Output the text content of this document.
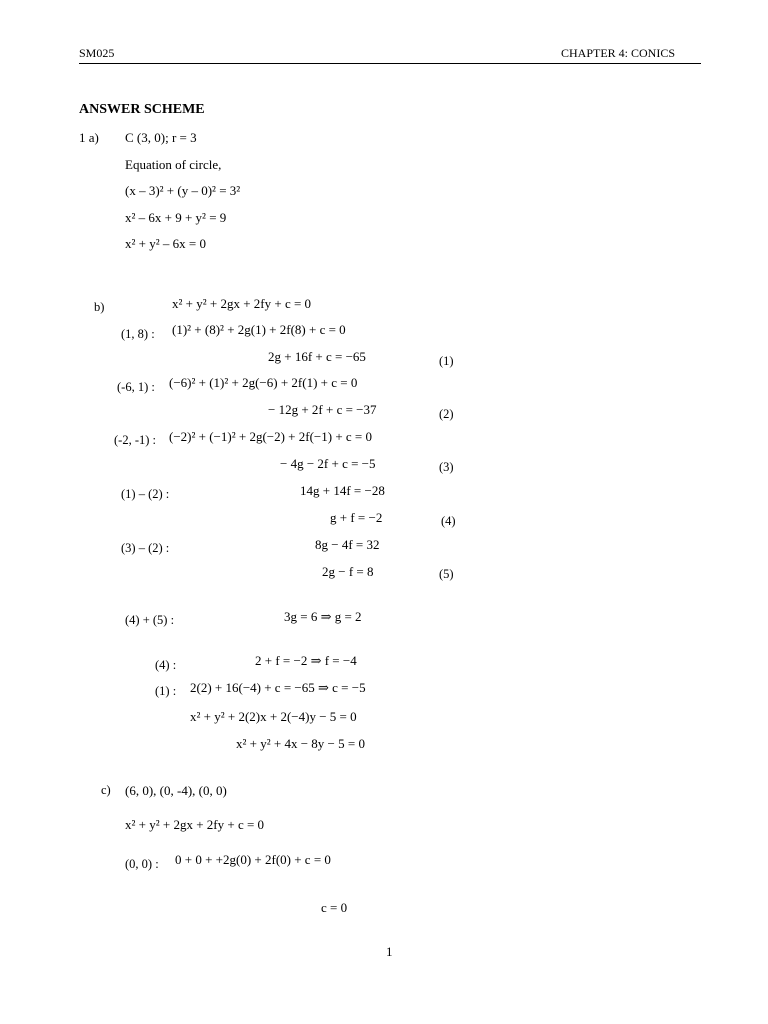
SM025	CHAPTER 4: CONICS
ANSWER SCHEME
1 a) C (3, 0); r = 3
Equation of circle,
(x – 3)² + (y – 0)² = 3²
x² – 6x + 9 + y² = 9
x² + y² – 6x = 0
b)	x² + y² + 2gx + 2fy + c = 0
(1, 8) : (1)² + (8)² + 2g(1) + 2f(8) + c = 0
2g + 16f + c = −65	(1)
(-6, 1) : (−6)² + (1)² + 2g(−6) + 2f(1) + c = 0
− 12g + 2f + c = −37	(2)
(-2, -1) : (−2)² + (−1)² + 2g(−2) + 2f(−1) + c = 0
− 4g − 2f + c = −5	(3)
(1) – (2) :	14g + 14f = −28
g + f = −2	(4)
(3) – (2) :	8g − 4f = 32
2g − f = 8	(5)
(4) + (5) :	3g = 6 ⇒ g = 2
(4) :	2 + f = −2 ⇒ f = −4
(1) : 2(2) + 16(−4) + c = −65 ⇒ c = −5
x² + y² + 2(2)x + 2(−4)y − 5 = 0
x² + y² + 4x − 8y − 5 = 0
c) (6, 0), (0, -4), (0, 0)
x² + y² + 2gx + 2fy + c = 0
(0, 0) : 0 + 0 + +2g(0) + 2f(0) + c = 0
c = 0
1
